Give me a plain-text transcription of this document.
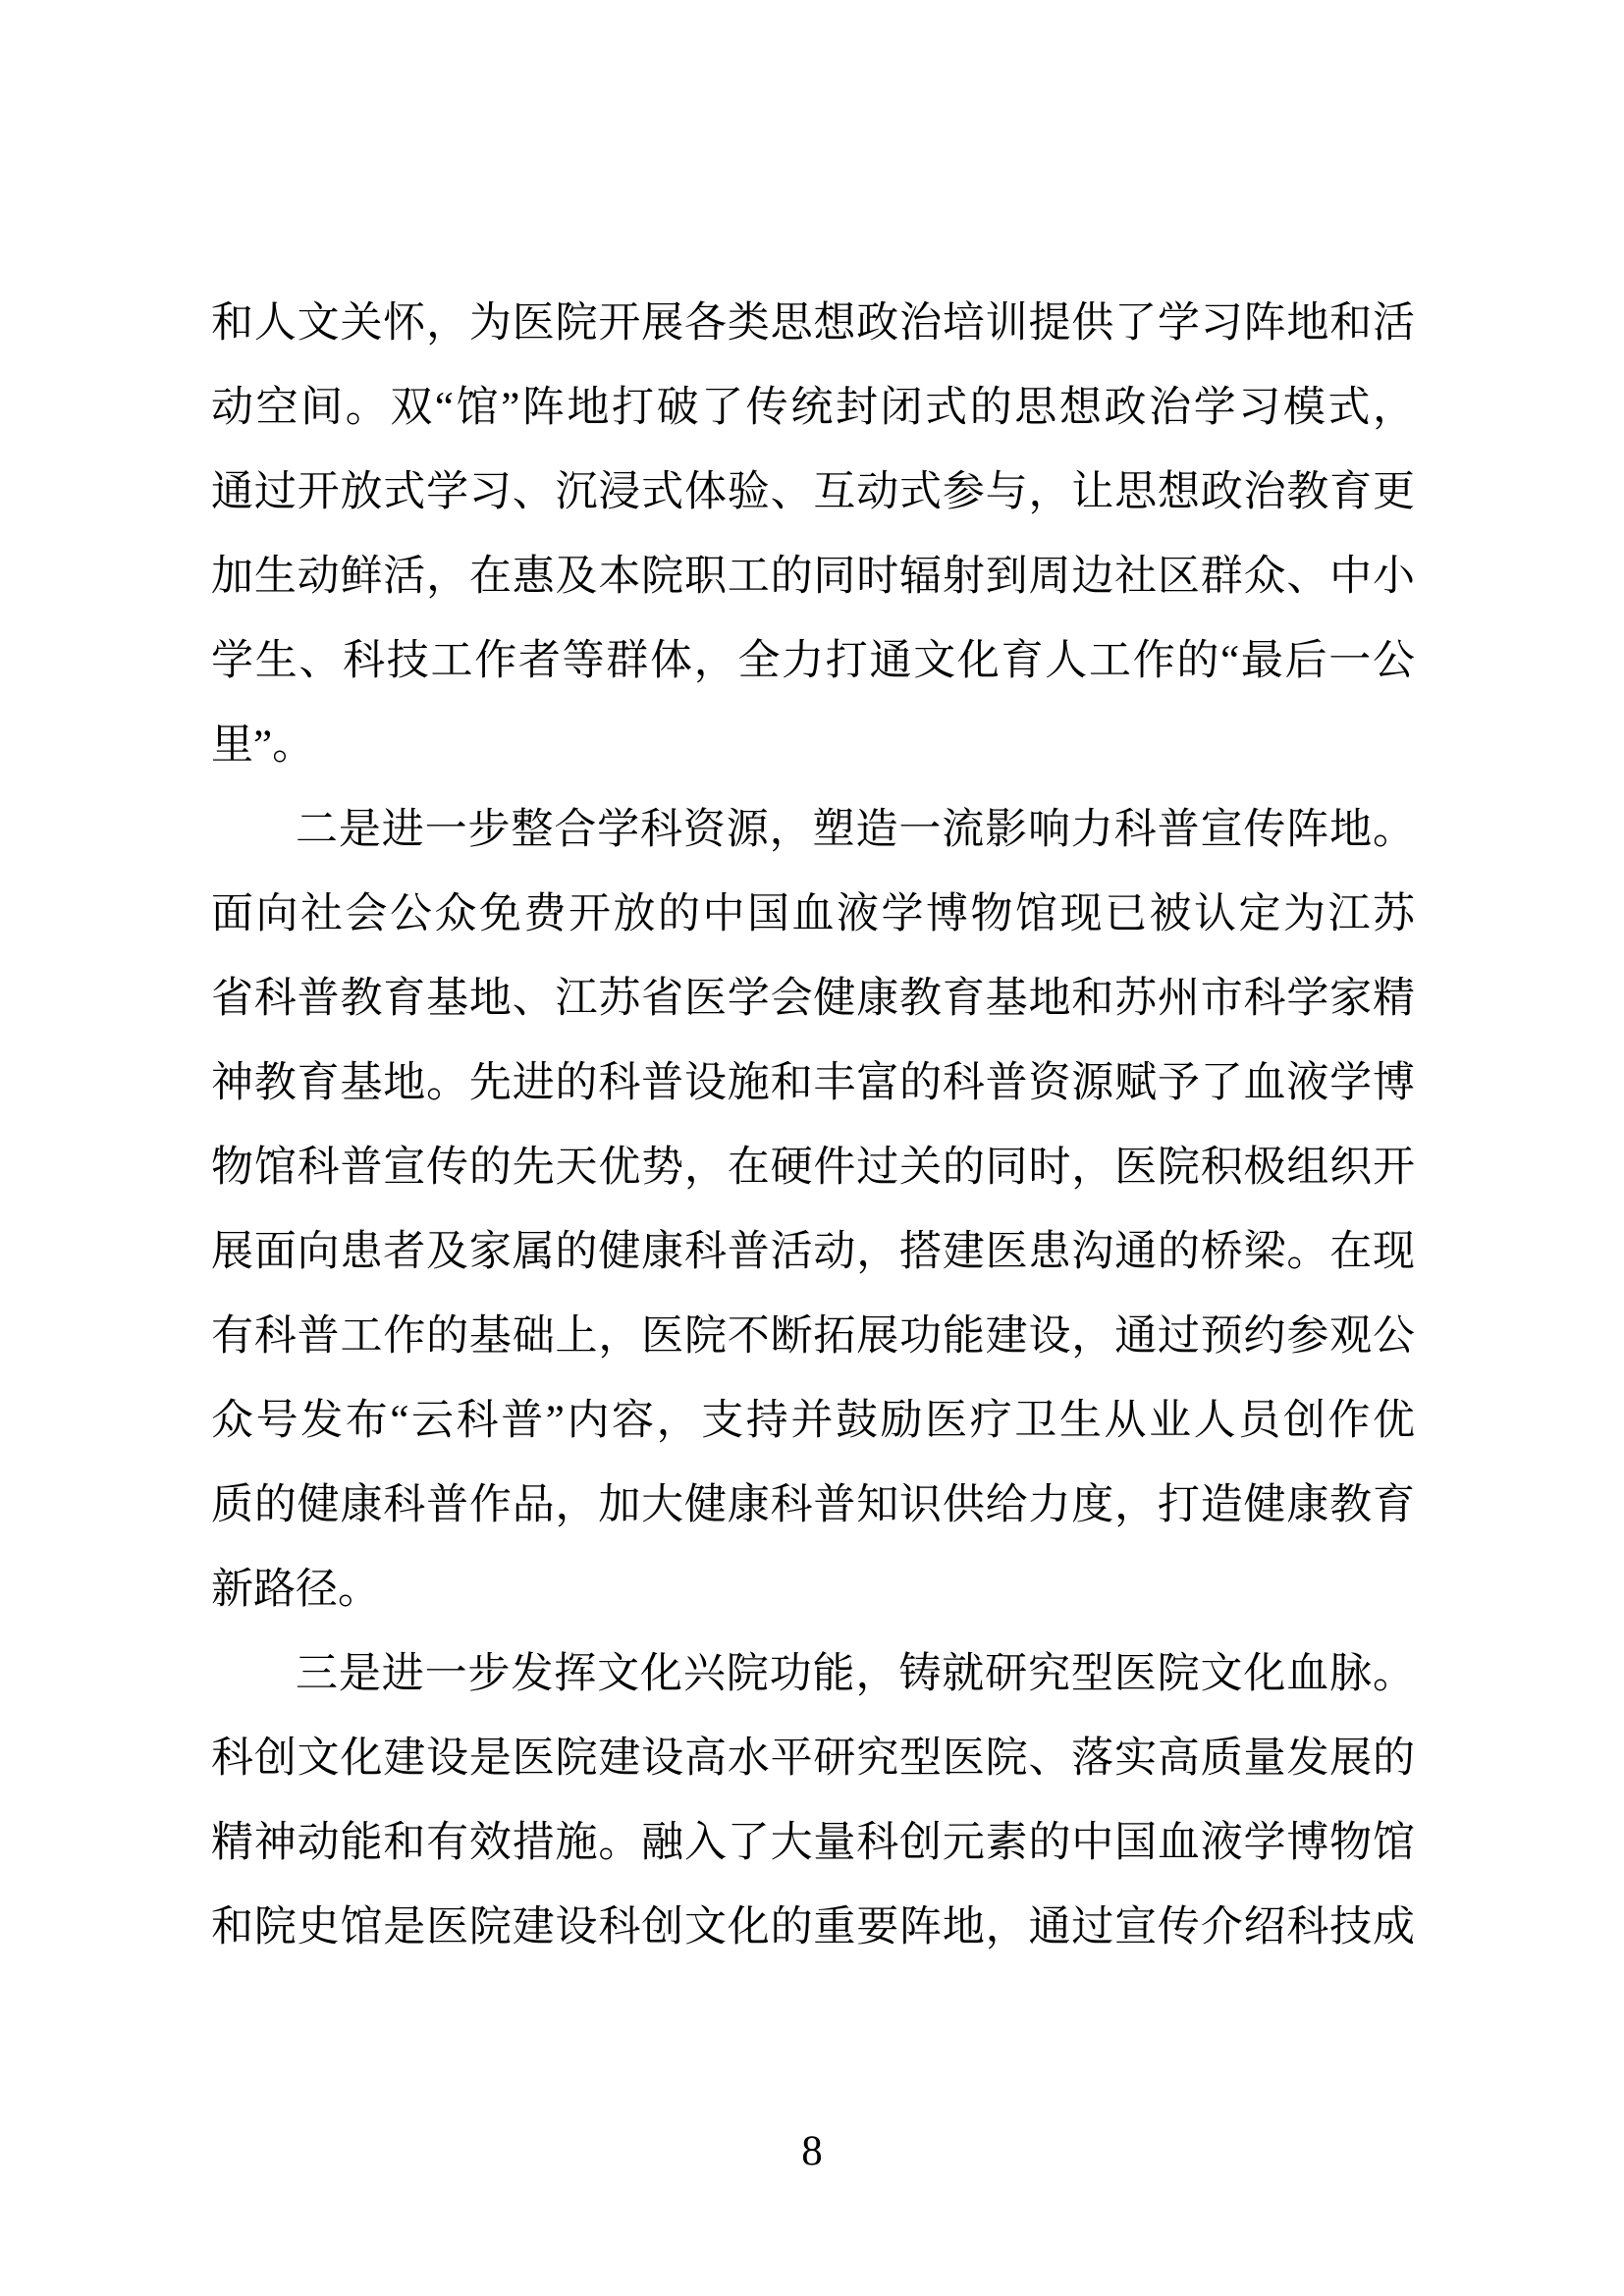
和人文关怀，为医院开展各类思想政治培训提供了学习阵地和活
动空间。双“馆”阵地打破了传统封闭式的思想政治学习模式，
通过开放式学习、沉浸式体验、互动式参与，让思想政治教育更
加生动鲜活，在惠及本院职工的同时辐射到周边社区群众、中小
学生、科技工作者等群体，全力打通文化育人工作的“最后一公
里”。
二是进一步整合学科资源，塑造一流影响力科普宣传阵地。
面向社会公众免费开放的中国血液学博物馆现已被认定为江苏
省科普教育基地、江苏省医学会健康教育基地和苏州市科学家精
神教育基地。先进的科普设施和丰富的科普资源赋予了血液学博
物馆科普宣传的先天优势，在硬件过关的同时，医院积极组织开
展面向患者及家属的健康科普活动，搭建医患沟通的桥梁。在现
有科普工作的基础上，医院不断拓展功能建设，通过预约参观公
众号发布“云科普”内容，支持并鼓励医疗卫生从业人员创作优
质的健康科普作品，加大健康科普知识供给力度，打造健康教育
新路径。
三是进一步发挥文化兴院功能，铸就研究型医院文化血脉。
科创文化建设是医院建设高水平研究型医院、落实高质量发展的
精神动能和有效措施。融入了大量科创元素的中国血液学博物馆
和院史馆是医院建设科创文化的重要阵地，通过宣传介绍科技成
8
